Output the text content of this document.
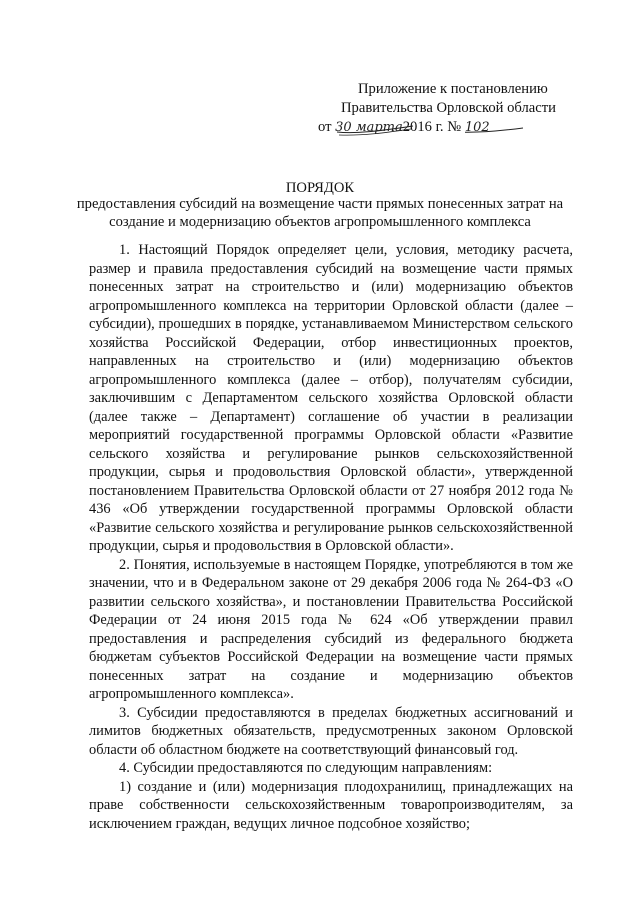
Приложение к постановлению
Правительства Орловской области
от 30 марта
2016 г. № 102
ПОРЯДОК
предоставления субсидий на возмещение части прямых понесенных затрат на создание и модернизацию объектов агропромышленного комплекса

1. Настоящий Порядок определяет цели, условия, методику расчета, размер и правила предоставления субсидий на возмещение части прямых понесенных затрат на строительство и (или) модернизацию объектов агропромышленного комплекса на территории Орловской области (далее – субсидии), прошедших в порядке, устанавливаемом Министерством сельского хозяйства Российской Федерации, отбор инвестиционных проектов, направленных на строительство и (или) модернизацию объектов агропромышленного комплекса (далее – отбор), получателям субсидии, заключившим с Департаментом сельского хозяйства Орловской области (далее также – Департамент) соглашение об участии в реализации мероприятий государственной программы Орловской области «Развитие сельского хозяйства и регулирование рынков сельскохозяйственной продукции, сырья и продовольствия Орловской области», утвержденной постановлением Правительства Орловской области от 27 ноября 2012 года № 436 «Об утверждении государственной программы Орловской области «Развитие сельского хозяйства и регулирование рынков сельскохозяйственной продукции, сырья и продовольствия в Орловской области».

2. Понятия, используемые в настоящем Порядке, употребляются в том же значении, что и в Федеральном законе от 29 декабря 2006 года № 264-ФЗ «О развитии сельского хозяйства», и постановлении Правительства Российской Федерации от 24 июня 2015 года № 624 «Об утверждении правил предоставления и распределения субсидий из федерального бюджета бюджетам субъектов Российской Федерации на возмещение части прямых понесенных затрат на создание и модернизацию объектов агропромышленного комплекса».

3. Субсидии предоставляются в пределах бюджетных ассигнований и лимитов бюджетных обязательств, предусмотренных законом Орловской области об областном бюджете на соответствующий финансовый год.

4. Субсидии предоставляются по следующим направлениям:

1) создание и (или) модернизация плодохранилищ, принадлежащих на праве собственности сельскохозяйственным товаропроизводителям, за исключением граждан, ведущих личное подсобное хозяйство;
